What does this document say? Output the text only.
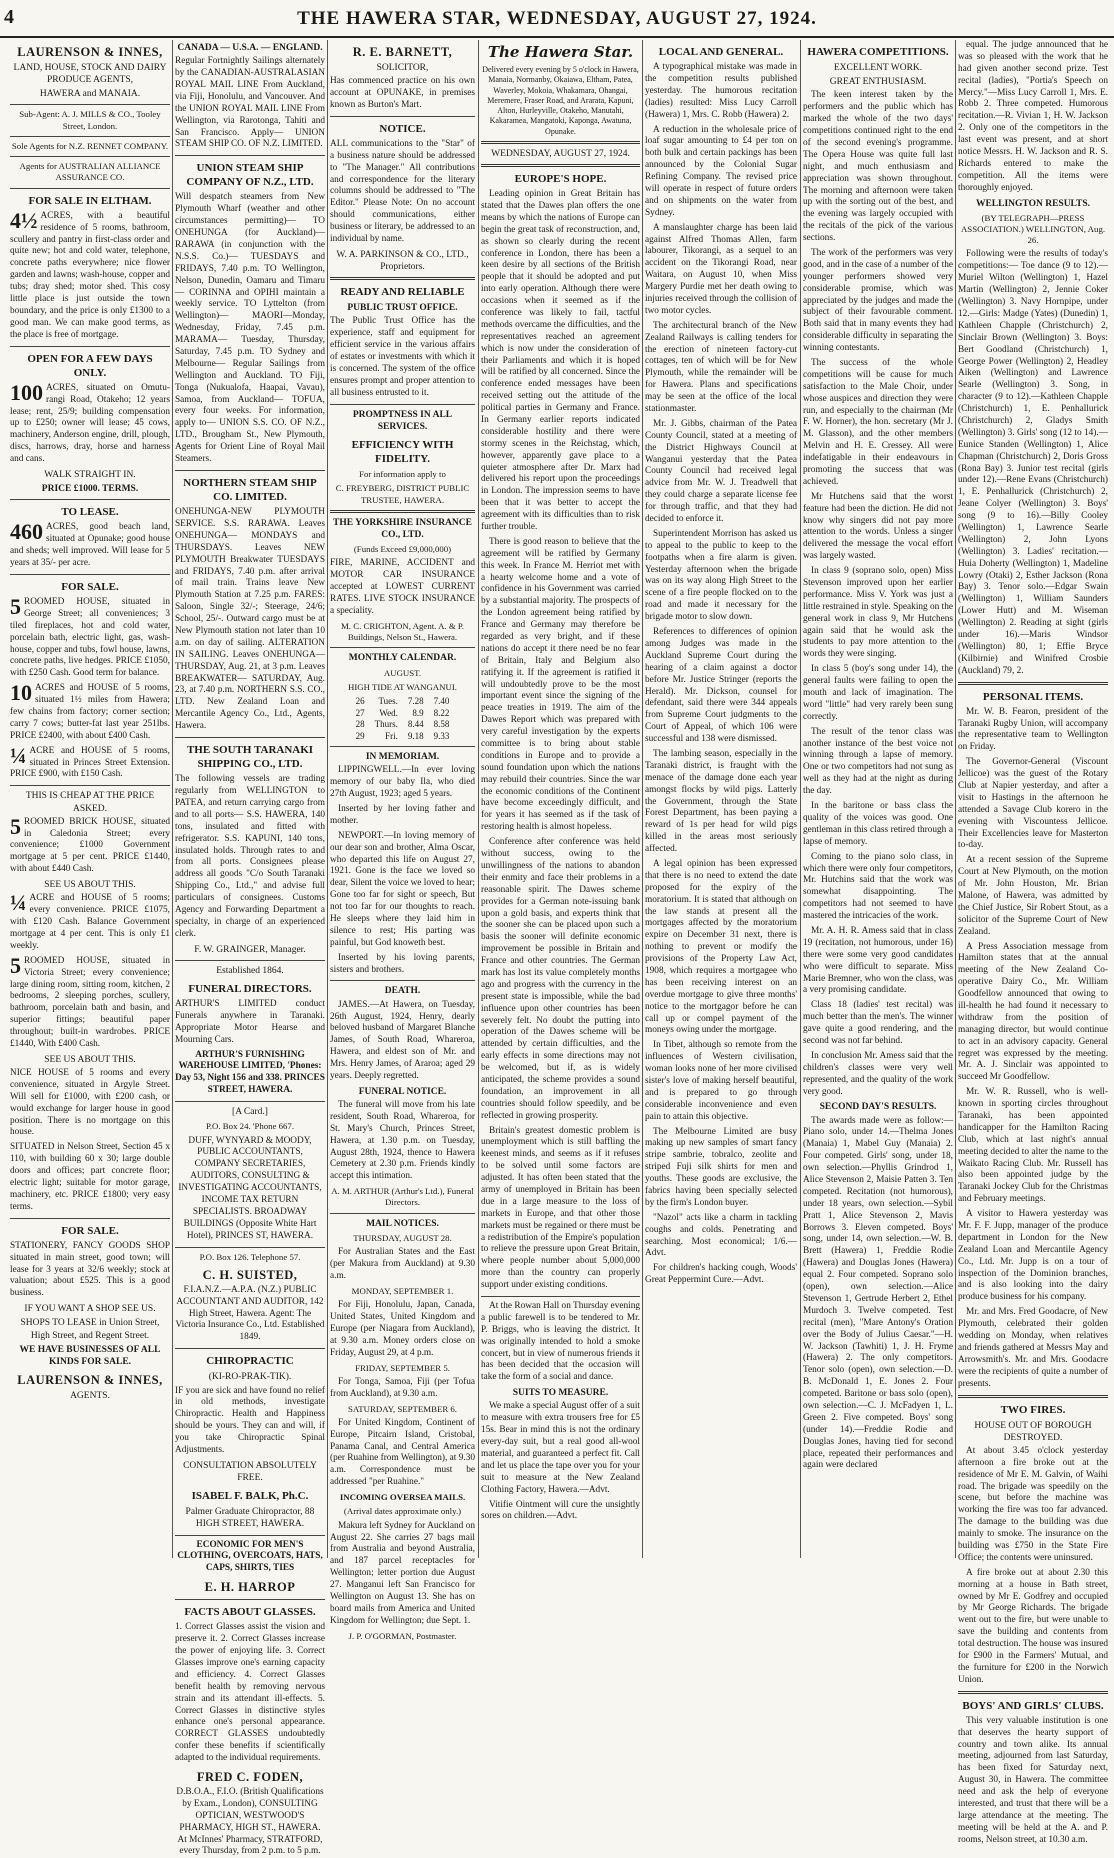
4	THE HAWERA STAR, WEDNESDAY, AUGUST 27, 1924.
LAURENSON & INNES,
LAND, HOUSE, STOCK AND DAIRY PRODUCE AGENTS,
HAWERA and MANAIA.
Sub-Agent: A. J. MILLS & CO., Tooley Street, London.
Sole Agents for N.Z. RENNET COMPANY.
Agents for AUSTRALIAN ALLIANCE ASSURANCE CO.
FOR SALE IN ELTHAM.

4½ ACRES, with a beautiful residence of 5 rooms, bathroom, scullery and pantry in first-class order and quite new; hot and cold water, telephone, concrete paths everywhere; nice flower garden and lawns; wash-house, copper and tubs; dray shed; motor shed. This cosy little place is just outside the town boundary, and the price is only £1300 to a good man. We can make good terms, as the place is free of mortgage.

OPEN FOR A FEW DAYS ONLY.

100 ACRES, situated on Omutu-rangi Road, Otakeho; 12 years lease; rent, 25/9; building compensation up to £250; owner will lease; 45 cows, machinery, Anderson engine, drill, plough, discs, harrows, dray, horse and harness and cans.

WALK STRAIGHT IN.
PRICE £1000. TERMS.
TO LEASE.

460 ACRES, good beach land, situated at Opunake; good house and sheds; well improved. Will lease for 5 years at 35/- per acre.

FOR SALE.

5 ROOMED HOUSE, situated in George Street; all conveniences; 3 tiled fireplaces, hot and cold water, porcelain bath, electric light, gas, wash-house, copper and tubs, fowl house, lawns, concrete paths, live hedges. PRICE £1050, with £250 Cash. Good term for balance.

10 ACRES and HOUSE of 5 rooms, situated 1½ miles from Hawera; few chains from factory; corner section; carry 7 cows; butter-fat last year 251lbs. PRICE £2400, with about £400 Cash.

¼ ACRE and HOUSE of 5 rooms, situated in Princes Street Extension. PRICE £900, with £150 Cash.

THIS IS CHEAP AT THE PRICE ASKED.

5 ROOMED BRICK HOUSE, situated in Caledonia Street; every convenience; £1000 Government mortgage at 5 per cent. PRICE £1440, with about £440 Cash.

SEE US ABOUT THIS.

¼ ACRE and HOUSE of 5 rooms; every convenience. PRICE £1075, with £120 Cash. Balance Government mortgage at 4 per cent. This is only £1 weekly.

5 ROOMED HOUSE, situated in Victoria Street; every convenience; large dining room, sitting room, kitchen, 2 bedrooms, 2 sleeping porches, scullery, bathroom, porcelain bath and basin, and superior fittings; beautiful paper throughout; built-in wardrobes. PRICE £1440, With £400 Cash.

SEE US ABOUT THIS.

NICE HOUSE of 5 rooms and every convenience, situated in Argyle Street. Will sell for £1000, with £200 cash, or would exchange for larger house in good position. There is no mortgage on this house.

SITUATED in Nelson Street, Section 45 x 110, with building 60 x 30; large double doors and offices; part concrete floor; electric light; suitable for motor garage, machinery, etc. PRICE £1800; very easy terms.

FOR SALE.

STATIONERY, FANCY GOODS SHOP situated in main street, good town; will lease for 3 years at 32/6 weekly; stock at valuation; about £525. This is a good business.

IF YOU WANT A SHOP SEE US.
SHOPS TO LEASE in Union Street, High Street, and Regent Street.
WE HAVE BUSINESSES OF ALL KINDS FOR SALE.
LAURENSON & INNES,
AGENTS.
CANADA — U.S.A. — ENGLAND.

Regular Fortnightly Sailings alternately by the CANADIAN-AUSTRALASIAN ROYAL MAIL LINE From Auckland, via Fiji, Honolulu, and Vancouver. And the UNION ROYAL MAIL LINE From Wellington, via Rarotonga, Tahiti and San Francisco. Apply— UNION STEAM SHIP CO. OF N.Z. LIMITED.

UNION STEAM SHIP COMPANY OF N.Z., LTD.

Will despatch steamers from New Plymouth Wharf (weather and other circumstances permitting)— TO ONEHUNGA (for Auckland)— RARAWA (in conjunction with the N.S.S. Co.)— TUESDAYS and FRIDAYS, 7.40 p.m. TO Wellington, Nelson, Dunedin, Oamaru and Timaru— CORINNA and OPIHI maintain a weekly service. TO Lyttelton (from Wellington)— MAORI—Monday, Wednesday, Friday, 7.45 p.m. MARAMA— Tuesday, Thursday, Saturday, 7.45 p.m. TO Sydney and Melbourne— Regular Sailings from Wellington and Auckland. TO Fiji, Tonga (Nukualofa, Haapai, Vavau), Samoa, from Auckland— TOFUA, every four weeks. For information, apply to— UNION S.S. CO. OF N.Z., LTD., Brougham St., New Plymouth, Agents for Orient Line of Royal Mail Steamers.

NORTHERN STEAM SHIP CO. LIMITED.

ONEHUNGA-NEW PLYMOUTH SERVICE. S.S. RARAWA. Leaves ONEHUNGA— MONDAYS and THURSDAYS. Leaves NEW PLYMOUTH Breakwater TUESDAYS and FRIDAYS, 7.40 p.m. after arrival of mail train. Trains leave New Plymouth Station at 7.25 p.m. FARES: Saloon, Single 32/-; Steerage, 24/6; School, 25/-. Outward cargo must be at New Plymouth station not later than 10 a.m. on day of sailing. ALTERATION IN SAILING. Leaves ONEHUNGA— THURSDAY, Aug. 21, at 3 p.m. Leaves BREAKWATER— SATURDAY, Aug. 23, at 7.40 p.m. NORTHERN S.S. CO., LTD. New Zealand Loan and Mercantile Agency Co., Ltd., Agents, Hawera.

THE SOUTH TARANAKI SHIPPING CO., LTD.

The following vessels are trading regularly from WELLINGTON to PATEA, and return carrying cargo from and to all ports— S.S. HAWERA, 140 tons, insulated and fitted with refrigerator. S.S. KAPUNI, 140 tons, insulated holds. Through rates to and from all ports. Consignees please address all goods "C/o South Taranaki Shipping Co., Ltd.," and advise full particulars of consignees. Customs Agency and Forwarding Department a specialty, in charge of an experienced clerk.

F. W. GRAINGER, Manager.
Established 1864.
FUNERAL DIRECTORS.

ARTHUR'S LIMITED conduct Funerals anywhere in Taranaki. Appropriate Motor Hearse and Mourning Cars.

ARTHUR'S FURNISHING WAREHOUSE LIMITED, 'Phones: Day 53, Night 156 and 338. PRINCES STREET, HAWERA.

[A Card.]
P.O. Box 24. 'Phone 667.

DUFF, WYNYARD & MOODY, PUBLIC ACCOUNTANTS, COMPANY SECRETARIES, AUDITORS, CONSULTING & INVESTIGATING ACCOUNTANTS, INCOME TAX RETURN SPECIALISTS. BROADWAY BUILDINGS (Opposite White Hart Hotel), PRINCES ST, HAWERA.

P.O. Box 126. Telephone 57.
C. H. SUISTED,

F.I.A.N.Z.—A.P.A. (N.Z.) PUBLIC ACCOUNTANT AND AUDITOR, 142 High Street, Hawera. Agent: The Victoria Insurance Co., Ltd. Established 1849.

CHIROPRACTIC
(KI-RO-PRAK-TIK).

IF you are sick and have found no relief in old methods, investigate Chiropractic. Health and Happiness should be yours. They can and will, if you take Chiropractic Spinal Adjustments.

CONSULTATION ABSOLUTELY FREE.
ISABEL F. BALK, Ph.C.
Palmer Graduate Chiropractor, 88 HIGH STREET, HAWERA.

ECONOMIC FOR MEN'S CLOTHING, OVERCOATS, HATS, CAPS, SHIRTS, TIES

E. H. HARROP
FACTS ABOUT GLASSES.

1. Correct Glasses assist the vision and preserve it. 2. Correct Glasses increase the power of enjoying life. 3. Correct Glasses improve one's earning capacity and efficiency. 4. Correct Glasses benefit health by removing nervous strain and its attendant ill-effects. 5. Correct Glasses in distinctive styles enhance one's personal appearance. CORRECT GLASSES undoubtedly confer these benefits if scientifically adapted to the individual requirements.

FRED C. FODEN,

D.B.O.A., F.I.O. (British Qualifications by Exam., London), CONSULTING OPTICIAN, WESTWOOD'S PHARMACY, HIGH ST., HAWERA. At McInnes' Pharmacy, STRATFORD, every Thursday, from 2 p.m. to 5 p.m.

R. E. BARNETT,
SOLICITOR,

Has commenced practice on his own account at OPUNAKE, in premises known as Burton's Mart.

NOTICE.

ALL communications to the "Star" of a business nature should be addressed to "The Manager." All contributions and correspondence for the literary columns should be addressed to "The Editor." Please Note: On no account should communications, either business or literary, be addressed to an individual by name.

W. A. PARKINSON & CO., LTD., Proprietors.
READY AND RELIABLE
PUBLIC TRUST OFFICE.

The Public Trust Office has the experience, staff and equipment for efficient service in the various affairs of estates or investments with which it is concerned. The system of the office ensures prompt and proper attention to all business entrusted to it.

PROMPTNESS IN ALL SERVICES.
EFFICIENCY WITH FIDELITY.
For information apply to
C. FREYBERG, DISTRICT PUBLIC TRUSTEE, HAWERA.
THE YORKSHIRE INSURANCE CO., LTD.
(Funds Exceed £9,000,000)

FIRE, MARINE, ACCIDENT and MOTOR CAR INSURANCE accepted at LOWEST CURRENT RATES. LIVE STOCK INSURANCE a speciality.

M. C. CRIGHTON, Agent. A. & P. Buildings, Nelson St., Hawera.
MONTHLY CALENDAR.
AUGUST.
HIGH TIDE AT WANGANUI.
26	Tues.	7.28	7.40
27	Wed.	8.9	8.22
28	Thurs.	8.44	8.58
29	Fri.	9.18	9.33
IN MEMORIAM.

LIPPINGWELL.—In ever loving memory of our baby Ila, who died 27th August, 1923; aged 5 years.

Inserted by her loving father and mother.

NEWPORT.—In loving memory of our dear son and brother, Alma Oscar, who departed this life on August 27, 1921. Gone is the face we loved so dear, Silent the voice we loved to hear; Gone too far for sight or speech, But not too far for our thoughts to reach. He sleeps where they laid him in silence to rest; His parting was painful, but God knoweth best.

Inserted by his loving parents, sisters and brothers.

DEATH.

JAMES.—At Hawera, on Tuesday, 26th August, 1924, Henry, dearly beloved husband of Margaret Blanche James, of South Road, Whareroa, Hawera, and eldest son of Mr. and Mrs. Henry James, of Araroa; aged 29 years. Deeply regretted.

FUNERAL NOTICE.

The funeral will move from his late resident, South Road, Whareroa, for St. Mary's Church, Princes Street, Hawera, at 1.30 p.m. on Tuesday, August 28th, 1924, thence to Hawera Cemetery at 2.30 p.m. Friends kindly accept this intimation.

A. M. ARTHUR (Arthur's Ltd.), Funeral Directors.
MAIL NOTICES.
THURSDAY, AUGUST 28.

For Australian States and the East (per Makura from Auckland) at 9.30 a.m.

MONDAY, SEPTEMBER 1.

For Fiji, Honolulu, Japan, Canada, United States, United Kingdom and Europe (per Niagara from Auckland), at 9.30 a.m. Money orders close on Friday, August 29, at 4 p.m.

FRIDAY, SEPTEMBER 5.

For Tonga, Samoa, Fiji (per Tofua from Auckland), at 9.30 a.m.

SATURDAY, SEPTEMBER 6.

For United Kingdom, Continent of Europe, Pitcairn Island, Cristobal, Panama Canal, and Central America (per Ruahine from Wellington), at 9.30 a.m. Correspondence must be addressed "per Ruahine."

INCOMING OVERSEA MAILS.
(Arrival dates approximate only.)

Makura left Sydney for Auckland on August 22. She carries 27 bags mail from Australia and beyond Australia, and 187 parcel receptacles for Wellington; letter portion due August 27. Manganui left San Francisco for Wellington on August 13. She has on board mails from America and United Kingdom for Wellington; due Sept. 1.

J. P. O'GORMAN, Postmaster.
The Hawera Star.

Delivered every evening by 5 o'clock in Hawera, Manaia, Normanby, Okaiawa, Eltham, Patea, Waverley, Mokoia, Whakamara, Ohangai, Meremere, Fraser Road, and Ararata, Kapuni, Alton, Hurleyville, Otakeho, Manutahi, Kakaramea, Mangatoki, Kaponga, Awatuna, Opunake.

WEDNESDAY, AUGUST 27, 1924.
EUROPE'S HOPE.

Leading opinion in Great Britain has stated that the Dawes plan offers the one means by which the nations of Europe can begin the great task of reconstruction, and, as shown so clearly during the recent conference in London, there has been a keen desire by all sections of the British people that it should be adopted and put into early operation. Although there were occasions when it seemed as if the conference was likely to fail, tactful methods overcame the difficulties, and the representatives reached an agreement which is now under the consideration of their Parliaments and which it is hoped will be ratified by all concerned. Since the conference ended messages have been received setting out the attitude of the political parties in Germany and France. In Germany earlier reports indicated considerable hostility and there were stormy scenes in the Reichstag, which, however, apparently gave place to a quieter atmosphere after Dr. Marx had delivered his report upon the proceedings in London. The impression seems to have been that it was better to accept the agreement with its difficulties than to risk further trouble.

There is good reason to believe that the agreement will be ratified by Germany this week. In France M. Herriot met with a hearty welcome home and a vote of confidence in his Government was carried by a substantial majority. The prospects of the London agreement being ratified by France and Germany may therefore be regarded as very bright, and if these nations do accept it there need be no fear of Britain, Italy and Belgium also ratifying it. If the agreement is ratified it will undoubtedly prove to be the most important event since the signing of the peace treaties in 1919. The aim of the Dawes Report which was prepared with very careful investigation by the experts committee is to bring about stable conditions in Europe and to provide a sound foundation upon which the nations may rebuild their countries. Since the war the economic conditions of the Continent have become exceedingly difficult, and for years it has seemed as if the task of restoring health is almost hopeless.

Conference after conference was held without success, owing to the unwillingness of the nations to abandon their enmity and face their problems in a reasonable spirit. The Dawes scheme provides for a German note-issuing bank upon a gold basis, and experts think that the sooner she can be placed upon such a basis the sooner will definite economic improvement be possible in Britain and France and other countries. The German mark has lost its value completely months ago and progress with the currency in the present state is impossible, while the bad influence upon other countries has been severely felt. No doubt the putting into operation of the Dawes scheme will be attended by certain difficulties, and the early effects in some directions may not be welcomed, but if, as is widely anticipated, the scheme provides a sound foundation, an improvement in all countries should follow speedily, and be reflected in growing prosperity.

Britain's greatest domestic problem is unemployment which is still baffling the keenest minds, and seems as if it refuses to be solved until some factors are adjusted. It has often been stated that the army of unemployed in Britain has been due in a large measure to the loss of markets in Europe, and that other those markets must be regained or there must be a redistribution of the Empire's population to relieve the pressure upon Great Britain, where people number about 5,000,000 more than the country can properly support under existing conditions.

At the Rowan Hall on Thursday evening a public farewell is to be tendered to Mr. P. Briggs, who is leaving the district. It was originally intended to hold a smoke concert, but in view of numerous friends it has been decided that the occasion will take the form of a social and dance.

SUITS TO MEASURE.

We make a special August offer of a suit to measure with extra trousers free for £5 15s. Bear in mind this is not the ordinary every-day suit, but a real good all-wool material, and guaranteed a perfect fit. Call and let us place the tape over you for your suit to measure at the New Zealand Clothing Factory, Hawera.—Advt.

Vitifie Ointment will cure the unsightly sores on children.—Advt.

LOCAL AND GENERAL.

A typographical mistake was made in the competition results published yesterday. The humorous recitation (ladies) resulted: Miss Lucy Carroll (Hawera) 1, Mrs. C. Robb (Hawera) 2.

A reduction in the wholesale price of loaf sugar amounting to £4 per ton on both bulk and certain packings has been announced by the Colonial Sugar Refining Company. The revised price will operate in respect of future orders and on shipments on the water from Sydney.

A manslaughter charge has been laid against Alfred Thomas Allen, farm labourer, Tikorangi, as a sequel to an accident on the Tikorangi Road, near Waitara, on August 10, when Miss Margery Purdie met her death owing to injuries received through the collision of two motor cycles.

The architectural branch of the New Zealand Railways is calling tenders for the erection of nineteen factory-cut cottages, ten of which will be for New Plymouth, while the remainder will be for Hawera. Plans and specifications may be seen at the office of the local stationmaster.

Mr. J. Gibbs, chairman of the Patea County Council, stated at a meeting of the District Highways Council at Wanganui yesterday that the Patea County Council had received legal advice from Mr. W. J. Treadwell that they could charge a separate license fee for through traffic, and that they had decided to enforce it.

Superintendent Morrison has asked us to appeal to the public to keep to the footpaths when a fire alarm is given. Yesterday afternoon when the brigade was on its way along High Street to the scene of a fire people flocked on to the road and made it necessary for the brigade motor to slow down.

References to differences of opinion among Judges was made in the Auckland Supreme Court during the hearing of a claim against a doctor before Mr. Justice Stringer (reports the Herald). Mr. Dickson, counsel for defendant, said there were 344 appeals from Supreme Court judgments to the Court of Appeal, of which 106 were successful and 138 were dismissed.

The lambing season, especially in the Taranaki district, is fraught with the menace of the damage done each year amongst flocks by wild pigs. Latterly the Government, through the State Forest Department, has been paying a reward of 1s per head for wild pigs killed in the areas most seriously affected.

A legal opinion has been expressed that there is no need to extend the date proposed for the expiry of the moratorium. It is stated that although on the law stands at present all the mortgages affected by the moratorium expire on December 31 next, there is nothing to prevent or modify the provisions of the Property Law Act, 1908, which requires a mortgagee who has been receiving interest on an overdue mortgage to give three months' notice to the mortgagor before he can call up or compel payment of the moneys owing under the mortgage.

In Tibet, although so remote from the influences of Western civilisation, woman looks none of her more civilised sister's love of making herself beautiful, and is prepared to go through considerable inconvenience and even pain to attain this objective.

The Melbourne Limited are busy making up new samples of smart fancy stripe sambrie, tobralco, zeolite and striped Fuji silk shirts for men and youths. These goods are exclusive, the fabrics having been specially selected by the firm's London buyer.

"Nazol" acts like a charm in tackling coughs and colds. Penetrating and searching. Most economical; 1/6.—Advt.

For children's hacking cough, Woods' Great Peppermint Cure.—Advt.

HAWERA COMPETITIONS.
EXCELLENT WORK.
GREAT ENTHUSIASM.

The keen interest taken by the performers and the public which has marked the whole of the two days' competitions continued right to the end of the second evening's programme. The Opera House was quite full last night, and much enthusiasm and appreciation was shown throughout. The morning and afternoon were taken up with the sorting out of the best, and the evening was largely occupied with the recitals of the pick of the various sections.

The work of the performers was very good, and in the case of a number of the younger performers showed very considerable promise, which was appreciated by the judges and made the subject of their favourable comment. Both said that in many events they had considerable difficulty in separating the winning contestants.

The success of the whole competitions will be cause for much satisfaction to the Male Choir, under whose auspices and direction they were run, and especially to the chairman (Mr F. W. Horner), the hon. secretary (Mr J. M. Glasson), and the other members Melvin and H. E. Cressey. All were indefatigable in their endeavours in promoting the success that was achieved.

Mr Hutchens said that the worst feature had been the diction. He did not know why singers did not pay more attention to the words. Unless a singer delivered the message the vocal effort was largely wasted.

In class 9 (soprano solo, open) Miss Stevenson improved upon her earlier performance. Miss V. York was just a little restrained in style. Speaking on the general work in class 9, Mr Hutchens again said that he would ask the students to pay more attention to the words they were singing.

In class 5 (boy's song under 14), the general faults were failing to open the mouth and lack of imagination. The word "little" had very rarely been sung correctly.

The result of the tenor class was another instance of the best voice not winning through a lapse of memory. One or two competitors had not sung as well as they had at the night as during the day.

In the baritone or bass class the quality of the voices was good. One gentleman in this class retired through a lapse of memory.

Coming to the piano solo class, in which there were only four competitors, Mr. Hutchins said that the work was somewhat disappointing. The competitors had not seemed to have mastered the intricacies of the work.

Mr. A. H. R. Amess said that in class 19 (recitation, not humorous, under 16) there were some very good candidates who were difficult to separate. Miss Marie Bremner, who won the class, was a very promising candidate.

Class 18 (ladies' test recital) was much better than the men's. The winner gave quite a good rendering, and the second was not far behind.

In conclusion Mr. Amess said that the children's classes were very well represented, and the quality of the work very good.

SECOND DAY'S RESULTS.

The awards made were as follow:— Piano solo, under 14.—Thelma Jones (Manaia) 1, Mabel Guy (Manaia) 2. Four competed. Girls' song, under 18, own selection.—Phyllis Grindrod 1, Alice Stevenson 2, Maisie Patten 3. Ten competed. Recitation (not humorous), under 18 years, own selection.—Sybil Pratt 1, Alice Stevenson 2, Mavis Borrows 3. Eleven competed. Boys' song, under 14, own selection.—W. B. Brett (Hawera) 1, Freddie Rodie (Hawera) and Douglas Jones (Hawera) equal 2. Four competed. Soprano solo (open), own selection.—Alice Stevenson 1, Gertrude Herbert 2, Ethel Murdoch 3. Twelve competed. Test recital (men), "Mare Antony's Oration over the Body of Julius Caesar."—H. W. Jackson (Tawhiti) 1, J. H. Fryme (Hawera) 2. The only competitors. Tenor solo (open), own selection.—D. B. McDonald 1, E. Jones 2. Four competed. Baritone or bass solo (open), own selection.—C. J. McFadyen 1, L. Green 2. Five competed. Boys' song (under 14).—Freddie Rodie and Douglas Jones, having tied for second place, repeated their performances and again were declared

equal. The judge announced that he was so pleased with the work that he had given another second prize. Test recital (ladies), "Portia's Speech on Mercy."—Miss Lucy Carroll 1, Mrs. E. Robb 2. Three competed. Humorous recitation.—R. Vivian 1, H. W. Jackson 2. Only one of the competitors in the last event was present, and at short notice Messrs. H. W. Jackson and R. S. Richards entered to make the competition. All the items were thoroughly enjoyed.

WELLINGTON RESULTS.
(BY TELEGRAPH—PRESS ASSOCIATION.) WELLINGTON, Aug. 26.

Following were the results of today's competitions:— Toe dance (9 to 12).—Muriel Wilton (Wellington) 1, Hazel Martin (Wellington) 2, Jennie Coker (Wellington) 3. Navy Hornpipe, under 12.—Girls: Madge (Yates) (Dunedin) 1, Kathleen Chapple (Christchurch) 2, Sinclair Brown (Wellington) 3. Boys: Bert Goodland (Christchurch) 1, George Power (Wellington) 2, Headley Aiken (Wellington) and Lawrence Searle (Wellington) 3. Song, in character (9 to 12).—Kathleen Chapple (Christchurch) 1, E. Penhallurick (Christchurch) 2, Gladys Smith (Wellington) 3. Girls' song (12 to 14).—Eunice Standen (Wellington) 1, Alice Chapman (Christchurch) 2, Doris Gross (Rona Bay) 3. Junior test recital (girls under 12).—Rene Evans (Christchurch) 1, E. Penhallurick (Christchurch) 2, Jeane Colyer (Wellington) 3. Boys' song (9 to 16).—Billy Cooley (Wellington) 1, Lawrence Searle (Wellington) 2, John Lyons (Wellington) 3. Ladies' recitation.—Huia Doherty (Wellington) 1, Madeline Lowry (Otaki) 2, Esther Jackson (Rona Bay) 3. Tenor solo.—Edgar Swain (Wellington) 1, William Saunders (Lower Hutt) and M. Wiseman (Wellington) 2. Reading at sight (girls under 16).—Maris Windsor (Wellington) 80, 1; Effie Bryce (Kilbirnie) and Winifred Crosbie (Auckland) 79, 2.

PERSONAL ITEMS.

Mr. W. B. Fearon, president of the Taranaki Rugby Union, will accompany the representative team to Wellington on Friday.

The Governor-General (Viscount Jellicoe) was the guest of the Rotary Club at Napier yesterday, and after a visit to Hastings in the afternoon he attended a Savage Club korero in the evening with Viscountess Jellicoe. Their Excellencies leave for Masterton to-day.

At a recent session of the Supreme Court at New Plymouth, on the motion of Mr. John Houston, Mr. Brian Malone, of Hawera, was admitted by the Chief Justice, Sir Robert Stout, as a solicitor of the Supreme Court of New Zealand.

A Press Association message from Hamilton states that at the annual meeting of the New Zealand Co-operative Dairy Co., Mr. William Goodfellow announced that owing to ill-health he had found it necessary to withdraw from the position of managing director, but would continue to act in an advisory capacity. General regret was expressed by the meeting. Mr. A. J. Sinclair was appointed to succeed Mr Goodfellow.

Mr. W. R. Russell, who is well-known in sporting circles throughout Taranaki, has been appointed handicapper for the Hamilton Racing Club, which at last night's annual meeting decided to alter the name to the Waikato Racing Club. Mr. Russell has also been appointed judge by the Taranaki Jockey Club for the Christmas and February meetings.

A visitor to Hawera yesterday was Mr. F. F. Jupp, manager of the produce department in London for the New Zealand Loan and Mercantile Agency Co., Ltd. Mr. Jupp is on a tour of inspection of the Dominion branches, and is also looking into the dairy produce business for his company.

Mr. and Mrs. Fred Goodacre, of New Plymouth, celebrated their golden wedding on Monday, when relatives and friends gathered at Messrs May and Arrowsmith's. Mr. and Mrs. Goodacre were the recipients of quite a number of presents.

TWO FIRES.
HOUSE OUT OF BOROUGH DESTROYED.

At about 3.45 o'clock yesterday afternoon a fire broke out at the residence of Mr E. M. Galvin, of Waihi road. The brigade was speedily on the scene, but before the machine was working the fire was too far advanced. The damage to the building was due mainly to smoke. The insurance on the building was £750 in the State Fire Office; the contents were uninsured.

A fire broke out at about 2.30 this morning at a house in Bath street, owned by Mr E. Godfrey and occupied by Mr George Richards. The brigade went out to the fire, but were unable to save the building and contents from total destruction. The house was insured for £900 in the Farmers' Mutual, and the furniture for £200 in the Norwich Union.

BOYS' AND GIRLS' CLUBS.

This very valuable institution is one that deserves the hearty support of country and town alike. Its annual meeting, adjourned from last Saturday, has been fixed for Saturday next, August 30, in Hawera. The committee need and ask the help of everyone interested, and trust that there will be a large attendance at the meeting. The meeting will be held at the A. and P. rooms, Nelson street, at 10.30 a.m.
